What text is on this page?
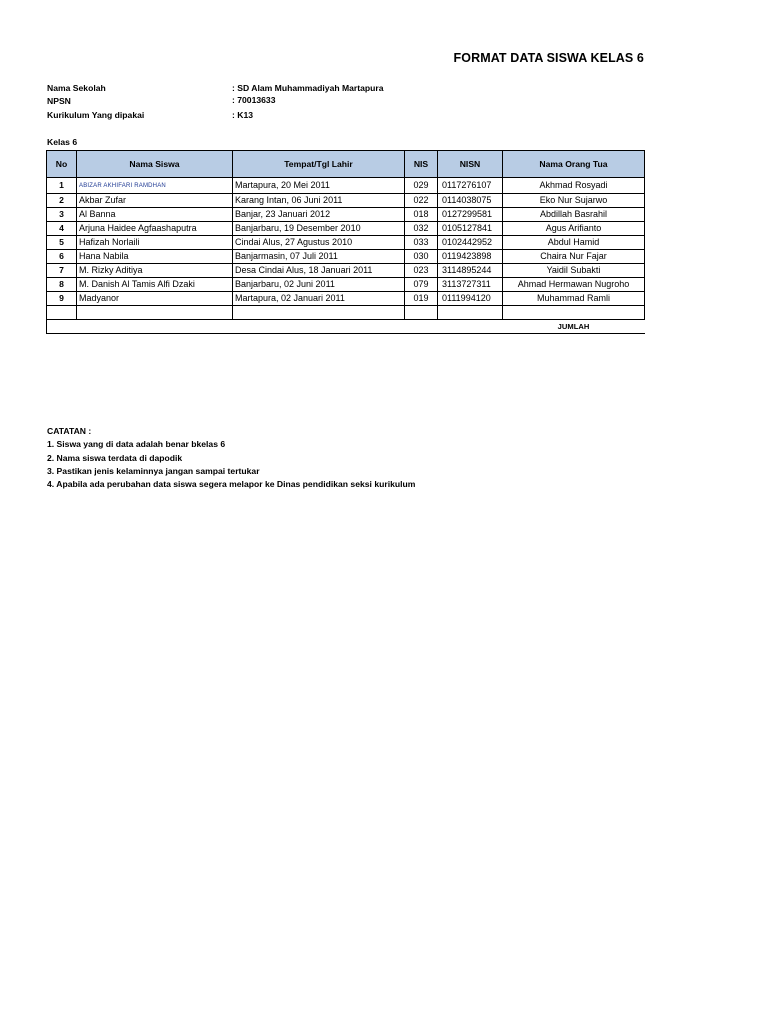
FORMAT DATA SISWA KELAS 6
Nama Sekolah	: SD Alam Muhammadiyah Martapura
NPSN	: 70013633
Kurikulum Yang dipakai	: K13
Kelas 6
No	Nama Siswa	Tempat/Tgl Lahir	NIS	NISN	Nama Orang Tua
1	ABIZAR AKHIFARI RAMDHAN	Martapura, 20 Mei 2011	029	0117276107	Akhmad Rosyadi
2	Akbar Zufar	Karang Intan, 06 Juni 2011	022	0114038075	Eko Nur Sujarwo
3	Al Banna	Banjar, 23 Januari 2012	018	0127299581	Abdillah Basrahil
4	Arjuna Haidee Agfaashaputra	Banjarbaru, 19 Desember 2010	032	0105127841	Agus Arifianto
5	Hafizah Norlaili	Cindai Alus, 27 Agustus 2010	033	0102442952	Abdul Hamid
6	Hana Nabila	Banjarmasin, 07 Juli 2011	030	0119423898	Chaira Nur Fajar
7	M. Rizky Aditiya	Desa Cindai Alus, 18 Januari 2011	023	3114895244	Yaidil Subakti
8	M. Danish Al Tamis Alfi Dzaki	Banjarbaru, 02 Juni 2011	079	3113727311	Ahmad Hermawan Nugroho
9	Madyanor	Martapura, 02 Januari 2011	019	0111994120	Muhammad Ramli

					JUMLAH
CATATAN :
1. Siswa yang di data adalah benar bkelas 6
2. Nama siswa terdata di dapodik
3. Pastikan jenis kelaminnya jangan sampai tertukar
4. Apabila ada perubahan data siswa segera melapor ke Dinas pendidikan seksi kurikulum
